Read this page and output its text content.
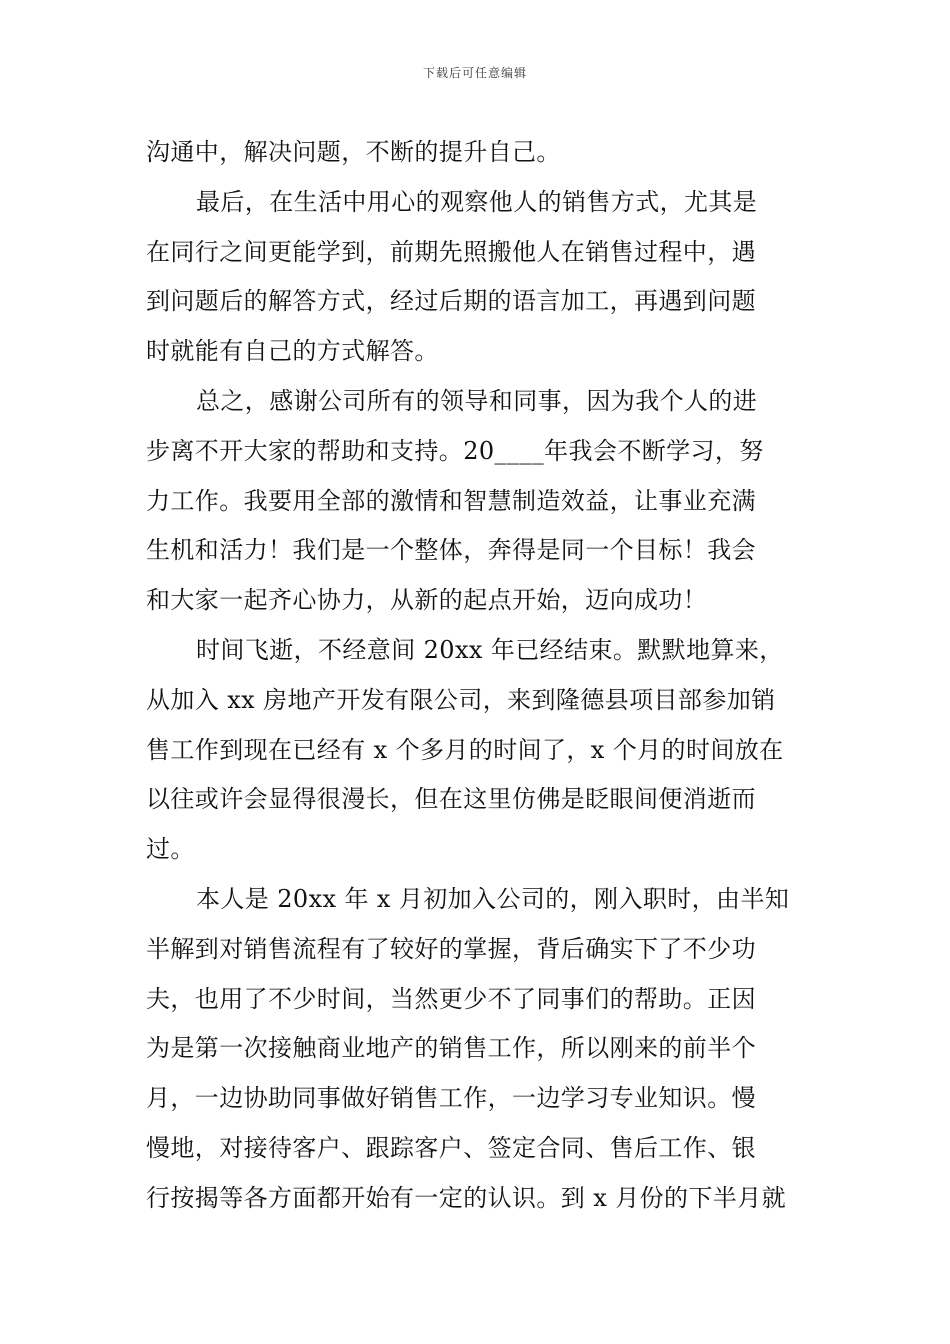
下载后可任意编辑
沟通中，解决问题，不断的提升自己。
最后，在生活中用心的观察他人的销售方式，尤其是
在同行之间更能学到，前期先照搬他人在销售过程中，遇
到问题后的解答方式，经过后期的语言加工，再遇到问题
时就能有自己的方式解答。
总之，感谢公司所有的领导和同事，因为我个人的进
步离不开大家的帮助和支持。20____年我会不断学习，努
力工作。我要用全部的激情和智慧制造效益，让事业充满
生机和活力！我们是一个整体，奔得是同一个目标！我会
和大家一起齐心协力，从新的起点开始，迈向成功！
时间飞逝，不经意间 20xx 年已经结束。默默地算来，
从加入 xx 房地产开发有限公司，来到隆德县项目部参加销
售工作到现在已经有 x 个多月的时间了，x 个月的时间放在
以往或许会显得很漫长，但在这里仿佛是眨眼间便消逝而
过。
本人是 20xx 年 x 月初加入公司的，刚入职时，由半知
半解到对销售流程有了较好的掌握，背后确实下了不少功
夫，也用了不少时间，当然更少不了同事们的帮助。正因
为是第一次接触商业地产的销售工作，所以刚来的前半个
月，一边协助同事做好销售工作，一边学习专业知识。慢
慢地，对接待客户、跟踪客户、签定合同、售后工作、银
行按揭等各方面都开始有一定的认识。到 x 月份的下半月就
